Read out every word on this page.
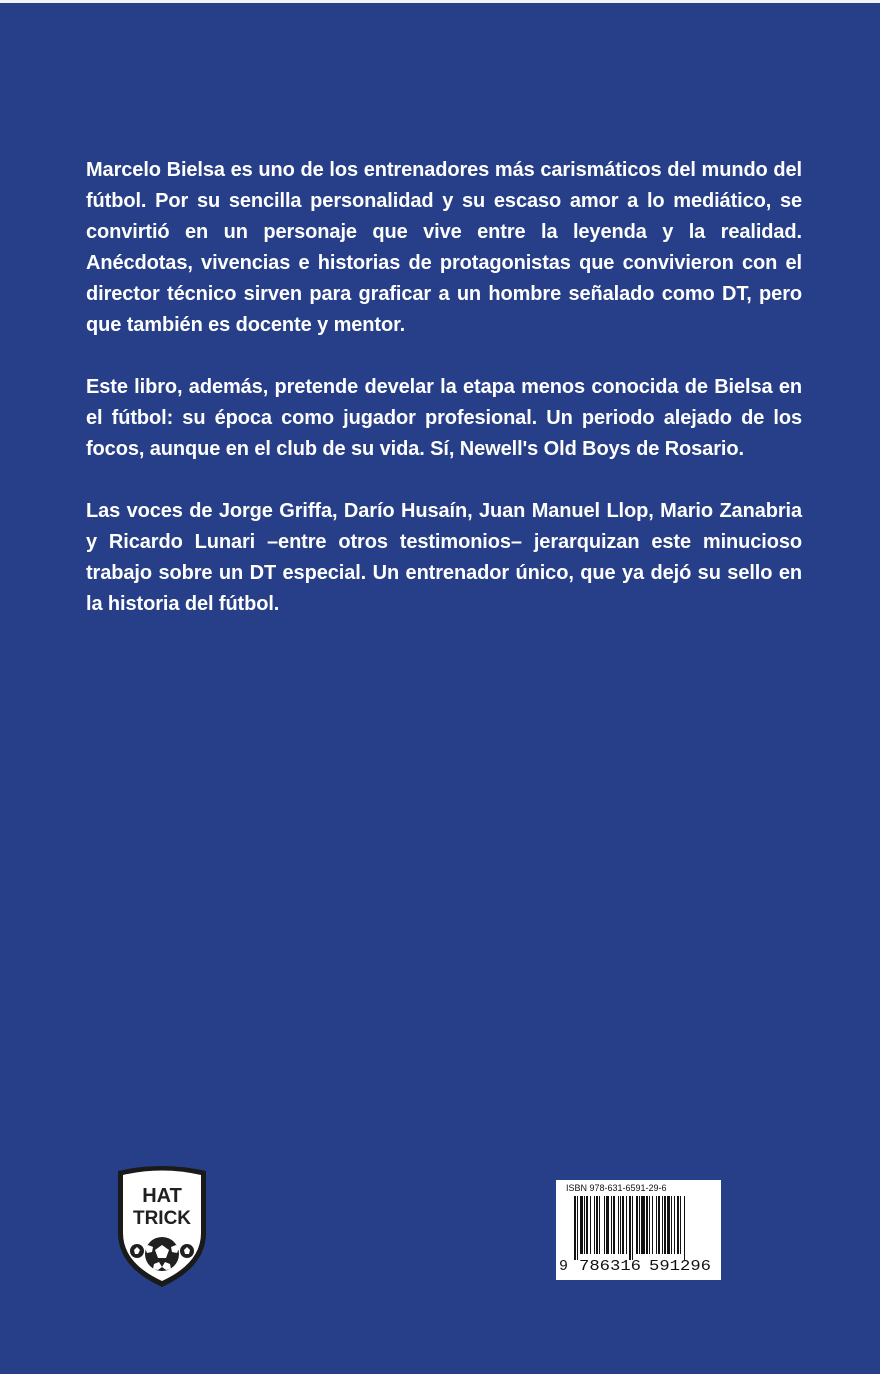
Marcelo Bielsa es uno de los entrenadores más carismáticos del mundo del fútbol. Por su sencilla personalidad y su escaso amor a lo mediático, se convirtió en un personaje que vive entre la leyenda y la realidad. Anécdotas, vivencias e historias de protagonistas que convivieron con el director técnico sirven para graficar a un hombre señalado como DT, pero que también es docente y mentor.

Este libro, además, pretende develar la etapa menos conocida de Bielsa en el fútbol: su época como jugador profesional. Un periodo alejado de los focos, aunque en el club de su vida. Sí, Newell's Old Boys de Rosario.

Las voces de Jorge Griffa, Darío Husaín, Juan Manuel Llop, Mario Zanabria y Ricardo Lunari –entre otros testimonios– jerarquizan este minucioso trabajo sobre un DT especial. Un entrenador único, que ya dejó su sello en la historia del fútbol.

HAT
TRICK
ISBN 978-631-6591-29-6
9 786316 591296
